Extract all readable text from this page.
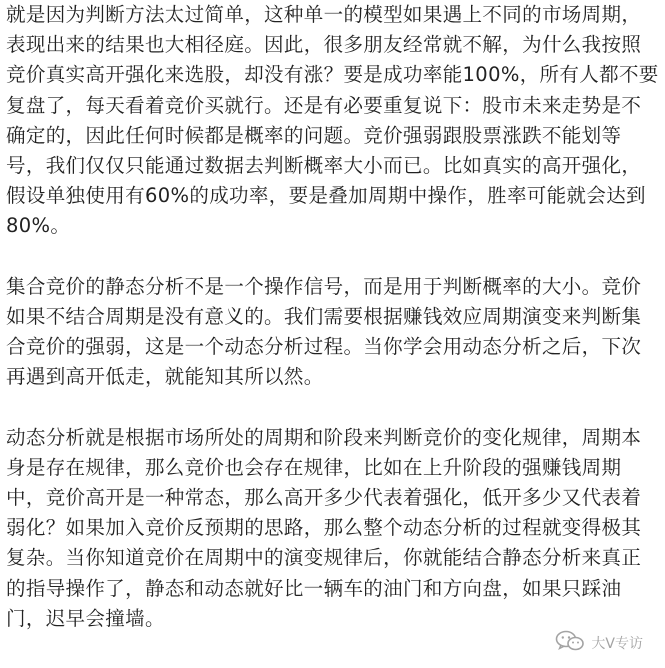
就是因为判断方法太过简单，这种单一的模型如果遇上不同的市场周期，
表现出来的结果也大相径庭。因此，很多朋友经常就不解，为什么我按照
竞价真实高开强化来选股，却没有涨？要是成功率能100%，所有人都不要
复盘了，每天看着竞价买就行。还是有必要重复说下：股市未来走势是不
确定的，因此任何时候都是概率的问题。竞价强弱跟股票涨跌不能划等
号，我们仅仅只能通过数据去判断概率大小而已。比如真实的高开强化，
假设单独使用有60%的成功率，要是叠加周期中操作，胜率可能就会达到
80%。

集合竞价的静态分析不是一个操作信号，而是用于判断概率的大小。竞价
如果不结合周期是没有意义的。我们需要根据赚钱效应周期演变来判断集
合竞价的强弱，这是一个动态分析过程。当你学会用动态分析之后，下次
再遇到高开低走，就能知其所以然。

动态分析就是根据市场所处的周期和阶段来判断竞价的变化规律，周期本
身是存在规律，那么竞价也会存在规律，比如在上升阶段的强赚钱周期
中，竞价高开是一种常态，那么高开多少代表着强化，低开多少又代表着
弱化？如果加入竞价反预期的思路，那么整个动态分析的过程就变得极其
复杂。当你知道竞价在周期中的演变规律后，你就能结合静态分析来真正
的指导操作了，静态和动态就好比一辆车的油门和方向盘，如果只踩油
门，迟早会撞墙。

大V专访
